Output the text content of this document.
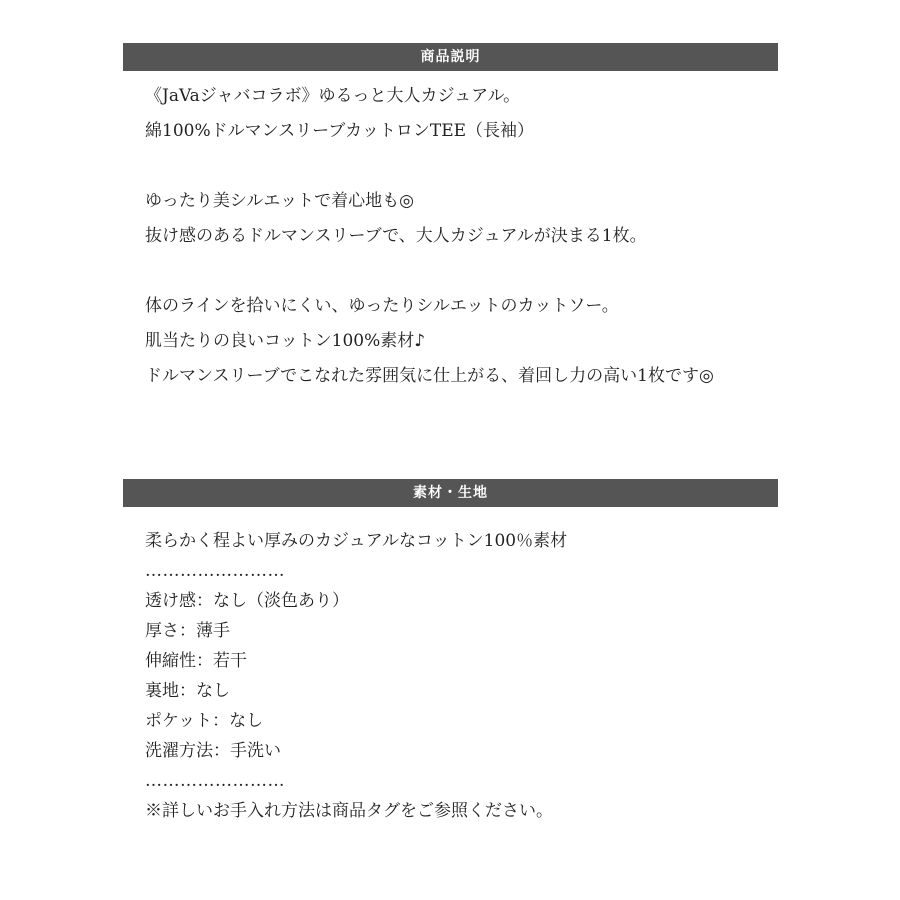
商品説明
《JaVaジャバコラボ》ゆるっと大人カジュアル。
綿100%ドルマンスリーブカットロンTEE（長袖）
ゆったり美シルエットで着心地も◎
抜け感のあるドルマンスリーブで、大人カジュアルが決まる1枚。
体のラインを拾いにくい、ゆったりシルエットのカットソー。
肌当たりの良いコットン100%素材♪
ドルマンスリーブでこなれた雰囲気に仕上がる、着回し力の高い1枚です◎
素材・生地
柔らかく程よい厚みのカジュアルなコットン100％素材
……………………
透け感：なし（淡色あり）
厚さ：薄手
伸縮性：若干
裏地：なし
ポケット：なし
洗濯方法：手洗い
……………………
※詳しいお手入れ方法は商品タグをご参照ください。
